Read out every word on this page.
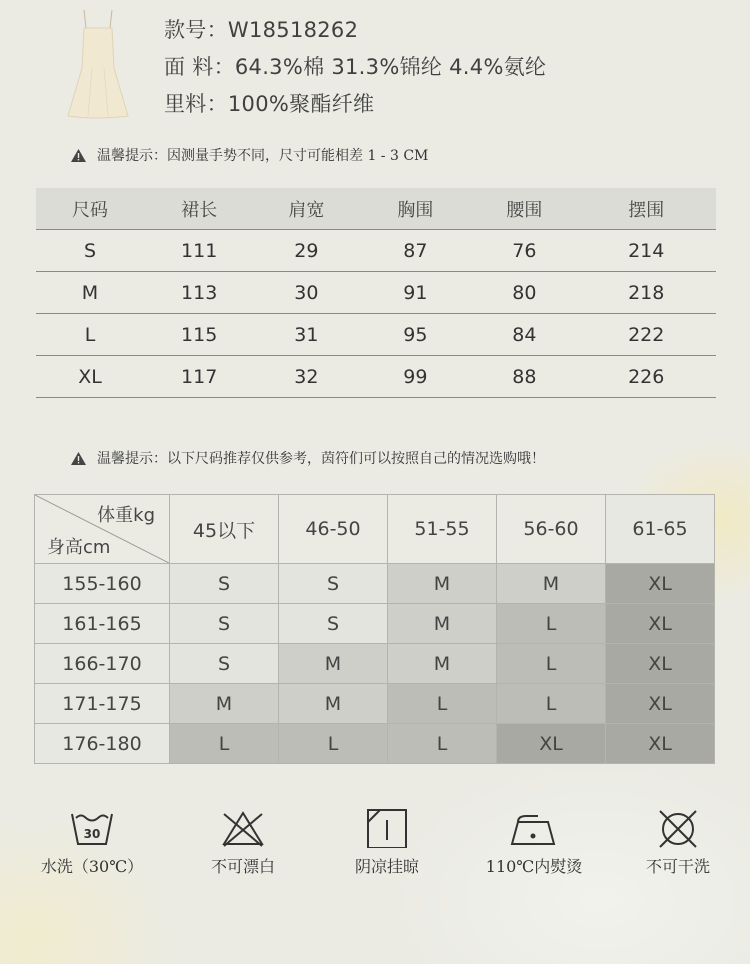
款号：W18518262
面 料：64.3%棉 31.3%锦纶 4.4%氨纶
里料：100%聚酯纤维
温馨提示：因测量手势不同，尺寸可能相差 1 - 3 CM
尺码	裙长	肩宽	胸围	腰围	摆围
S	111	29	87	76	214
M	113	30	91	80	218
L	115	31	95	84	222
XL	117	32	99	88	226
温馨提示：以下尺码推荐仅供参考，茵符们可以按照自己的情况选购哦！
体重kg
身高cm	45以下	46-50	51-55	56-60	61-65
155-160	S	S	M	M	XL
161-165	S	S	M	L	XL
166-170	S	M	M	L	XL
171-175	M	M	L	L	XL
176-180	L	L	L	XL	XL
30
水洗（30℃）	不可漂白	阴凉挂晾	110℃内熨烫	不可干洗
